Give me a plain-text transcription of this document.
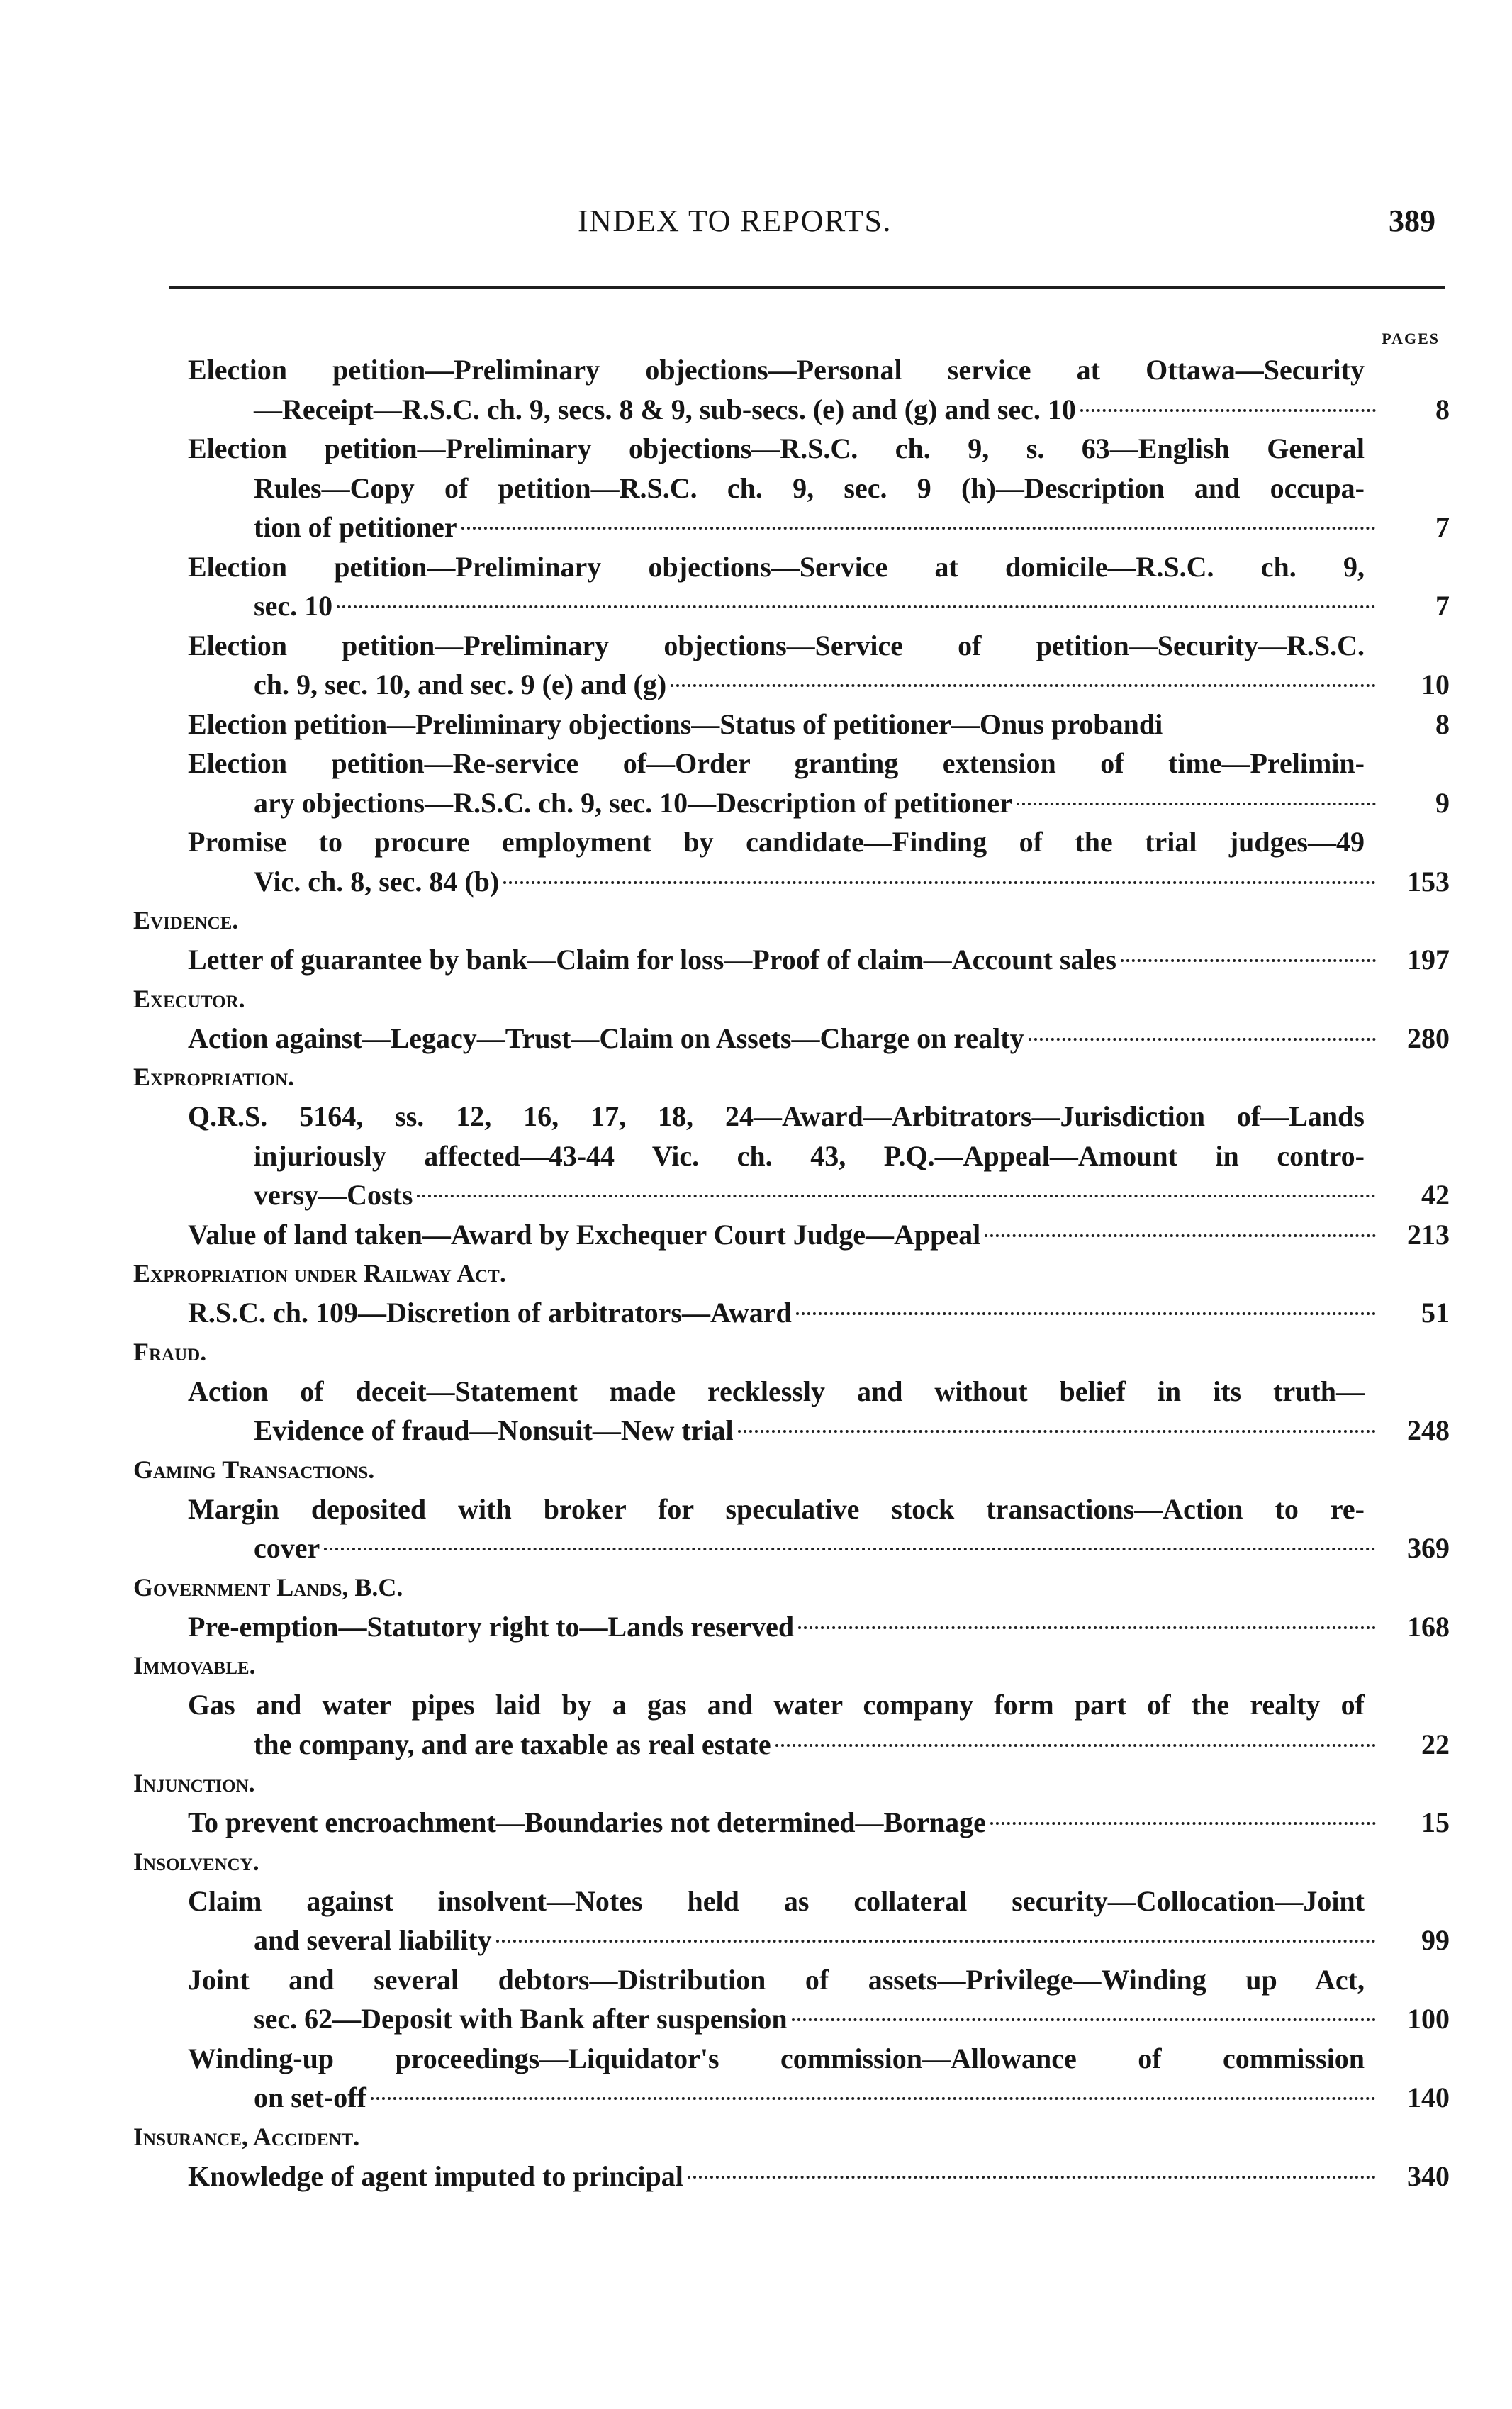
INDEX TO REPORTS.	389
PAGES
Election petition—Preliminary objections—Personal service at Ottawa—Security
—Receipt—R.S.C. ch. 9, secs. 8 & 9, sub-secs. (e) and (g) and sec. 10	8
Election petition—Preliminary objections—R.S.C. ch. 9, s. 63—English General
Rules—Copy of petition—R.S.C. ch. 9, sec. 9 (h)—Description and occupa-
tion of petitioner	7
Election petition—Preliminary objections—Service at domicile—R.S.C. ch. 9,
sec. 10	7
Election petition—Preliminary objections—Service of petition—Security—R.S.C.
ch. 9, sec. 10, and sec. 9 (e) and (g)	10
Election petition—Preliminary objections—Status of petitioner—Onus probandi	8
Election petition—Re-service of—Order granting extension of time—Prelimin-
ary objections—R.S.C. ch. 9, sec. 10—Description of petitioner	9
Promise to procure employment by candidate—Finding of the trial judges—49
Vic. ch. 8, sec. 84 (b)	153
Evidence.
Letter of guarantee by bank—Claim for loss—Proof of claim—Account sales	197
Executor.
Action against—Legacy—Trust—Claim on Assets—Charge on realty	280
Expropriation.
Q.R.S. 5164, ss. 12, 16, 17, 18, 24—Award—Arbitrators—Jurisdiction of—Lands
injuriously affected—43-44 Vic. ch. 43, P.Q.—Appeal—Amount in contro-
versy—Costs	42
Value of land taken—Award by Exchequer Court Judge—Appeal	213
Expropriation under Railway Act.
R.S.C. ch. 109—Discretion of arbitrators—Award	51
Fraud.
Action of deceit—Statement made recklessly and without belief in its truth—
Evidence of fraud—Nonsuit—New trial	248
Gaming Transactions.
Margin deposited with broker for speculative stock transactions—Action to re-
cover	369
Government Lands, B.C.
Pre-emption—Statutory right to—Lands reserved	168
Immovable.
Gas and water pipes laid by a gas and water company form part of the realty of
the company, and are taxable as real estate	22
Injunction.
To prevent encroachment—Boundaries not determined—Bornage	15
Insolvency.
Claim against insolvent—Notes held as collateral security—Collocation—Joint
and several liability	99
Joint and several debtors—Distribution of assets—Privilege—Winding up Act,
sec. 62—Deposit with Bank after suspension	100
Winding-up proceedings—Liquidator's commission—Allowance of commission
on set-off	140
Insurance, Accident.
Knowledge of agent imputed to principal	340
